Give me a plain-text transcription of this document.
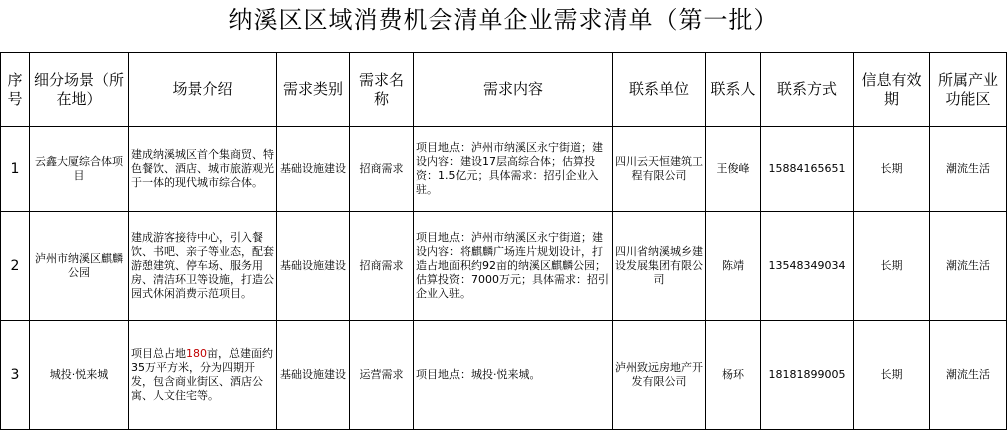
纳溪区区域消费机会清单企业需求清单（第一批）
序号	细分场景（所在地）	场景介绍	需求类别	需求名称	需求内容	联系单位	联系人	联系方式	信息有效期	所属产业功能区
1	云鑫大厦综合体项目	建成纳溪城区首个集商贸、特色餐饮、酒店、城市旅游观光于一体的现代城市综合体。	基础设施建设	招商需求	项目地点：泸州市纳溪区永宁街道；建设内容：建设17层高综合体；估算投资：1.5亿元；具体需求：招引企业入驻。	四川云天恒建筑工程有限公司	王俊峰	15884165651	长期	潮流生活
2	泸州市纳溪区麒麟公园	建成游客接待中心，引入餐饮、书吧、亲子等业态，配套游憩建筑、停车场、服务用房、清洁环卫等设施，打造公园式休闲消费示范项目。	基础设施建设	招商需求	项目地点：泸州市纳溪区永宁街道；建设内容：将麒麟广场连片规划设计，打造占地面积约92亩的纳溪区麒麟公园；估算投资：7000万元；具体需求：招引企业入驻。	四川省纳溪城乡建设发展集团有限公司	陈靖	13548349034	长期	潮流生活
3	城投·悦来城	项目总占地180亩，总建面约35万平方米，分为四期开发，包含商业街区、酒店公寓、人文住宅等。	基础设施建设	运营需求	项目地点：城投·悦来城。	泸州致远房地产开发有限公司	杨环	18181899005	长期	潮流生活
